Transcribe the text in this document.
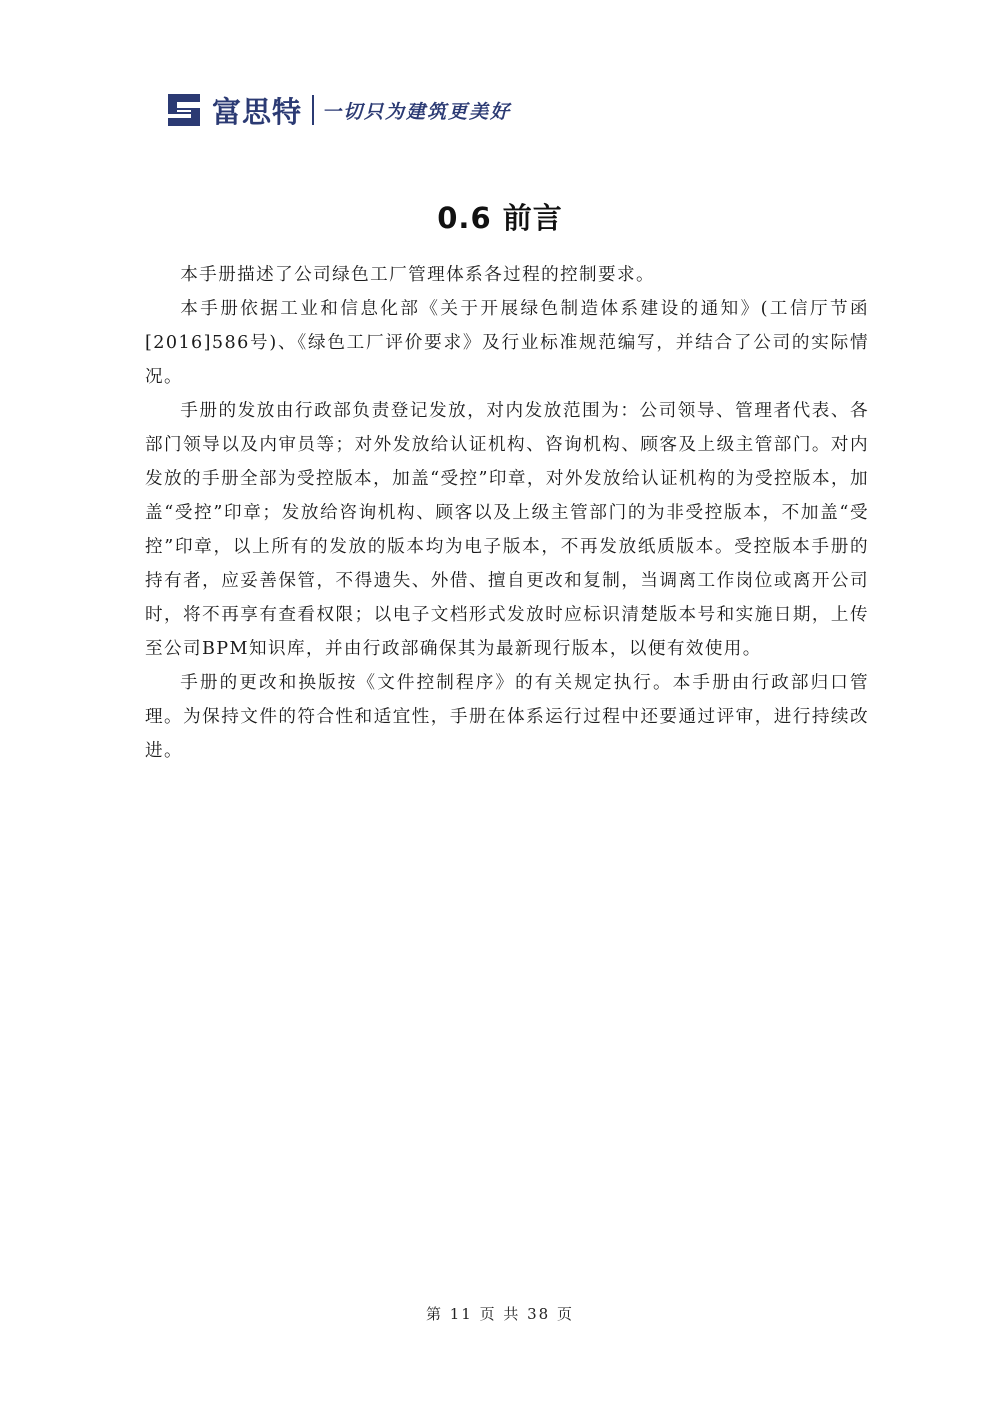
富思特 一切只为建筑更美好
0.6 前言

本手册描述了公司绿色工厂管理体系各过程的控制要求。

本手册依据工业和信息化部《关于开展绿色制造体系建设的通知》(工信厅节函[2016]586号)、《绿色工厂评价要求》及行业标准规范编写，并结合了公司的实际情况。

手册的发放由行政部负责登记发放，对内发放范围为：公司领导、管理者代表、各部门领导以及内审员等；对外发放给认证机构、咨询机构、顾客及上级主管部门。对内发放的手册全部为受控版本，加盖“受控”印章，对外发放给认证机构的为受控版本，加盖“受控”印章；发放给咨询机构、顾客以及上级主管部门的为非受控版本，不加盖“受控”印章，以上所有的发放的版本均为电子版本，不再发放纸质版本。受控版本手册的持有者，应妥善保管，不得遗失、外借、擅自更改和复制，当调离工作岗位或离开公司时，将不再享有查看权限；以电子文档形式发放时应标识清楚版本号和实施日期，上传至公司BPM知识库，并由行政部确保其为最新现行版本，以便有效使用。

手册的更改和换版按《文件控制程序》的有关规定执行。本手册由行政部归口管理。为保持文件的符合性和适宜性，手册在体系运行过程中还要通过评审，进行持续改进。

第 11 页 共 38 页
